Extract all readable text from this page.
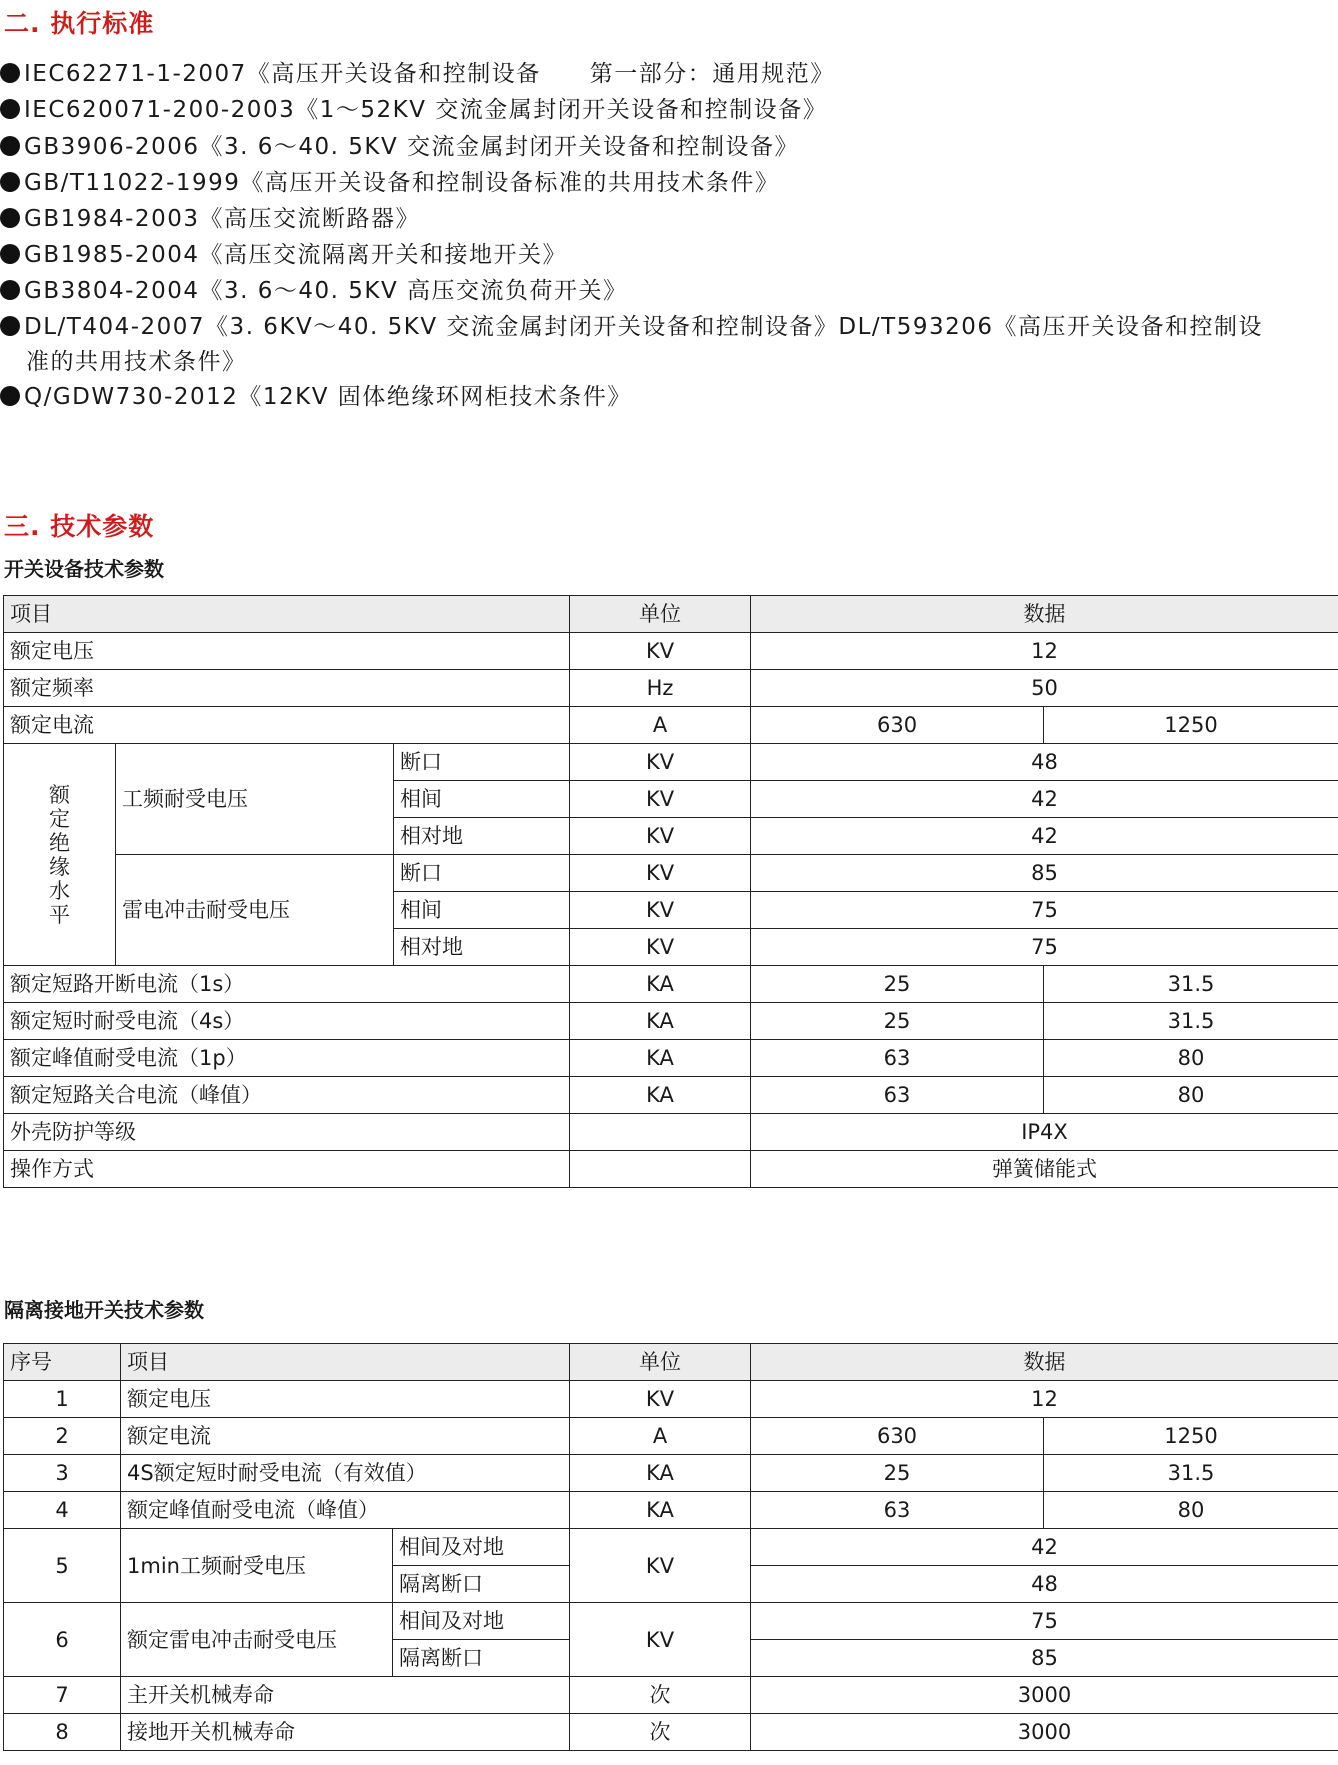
二. 执行标准
IEC62271-1-2007《高压开关设备和控制设备　　第一部分：通用规范》
IEC620071-200-2003《1～52KV 交流金属封闭开关设备和控制设备》
GB3906-2006《3. 6～40. 5KV 交流金属封闭开关设备和控制设备》
GB/T11022-1999《高压开关设备和控制设备标准的共用技术条件》
GB1984-2003《高压交流断路器》
GB1985-2004《高压交流隔离开关和接地开关》
GB3804-2004《3. 6～40. 5KV 高压交流负荷开关》
DL/T404-2007《3. 6KV～40. 5KV 交流金属封闭开关设备和控制设备》DL/T593206《高压开关设备和控制设
准的共用技术条件》
Q/GDW730-2012《12KV 固体绝缘环网柜技术条件》
三. 技术参数
开关设备技术参数
项目			单位	数据	
额定电压			KV	12	
额定频率			Hz	50	
额定电流			A	630	1250

额定绝缘水平	工频耐受电压	断口	KV	48	
		相间	KV	42	
		相对地	KV	42	
	雷电冲击耐受电压	断口	KV	85	
		相间	KV	75	
		相对地	KV	75	
额定短路开断电流（1s）			KA	25	31.5
额定短时耐受电流（4s）			KA	25	31.5
额定峰值耐受电流（1p）			KA	63	80
额定短路关合电流（峰值）			KA	63	80
外壳防护等级				IP4X	
操作方式				弹簧储能式	
隔离接地开关技术参数
序号	项目		单位	数据	
1	额定电压		KV	12	
2	额定电流		A	630	1250
3	4S额定短时耐受电流（有效值）		KA	25	31.5
4	额定峰值耐受电流（峰值）		KA	63	80
5	1min工频耐受电压	相间及对地	KV	42	
		隔离断口		48	
6	额定雷电冲击耐受电压	相间及对地	KV	75	
		隔离断口		85	
7	主开关机械寿命		次	3000	
8	接地开关机械寿命		次	3000	
